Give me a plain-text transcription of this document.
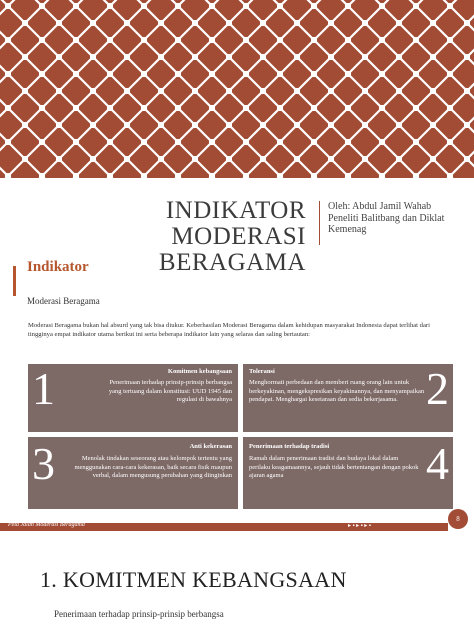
INDIKATOR MODERASI
BERAGAMA
Oleh: Abdul Jamil Wahab
Peneliti Balitbang dan Diklat
Kemenag
Indikator
Moderasi Beragama
Moderasi Beragama bukan hal absurd yang tak bisa diukur. Keberhasilan Moderasi Beragama dalam kehidupan masyarakat Indonesia dapat terlihat dari tingginya empat indikator utama berikut ini serta beberapa indikator lain yang selaras dan saling bertautan:
1	Komitmen kebangsaan
Penerimaan terhadap prinsip-prinsip berbangsa yang tertuang dalam konstitusi: UUD 1945 dan regulasi di bawahnya	2
Toleransi
Menghormati perbedaan dan memberi ruang orang lain untuk berkeyakinan, mengekspresikan keyakinannya, dan menyampaikan pendapat. Menghargai kesetaraan dan sedia bekerjasama.
3	Anti kekerasan
Menolak tindakan seseorang atau kelompok tertentu yang menggunakan cara-cara kekerasan, baik secara fisik maupun verbal, dalam mengusung perubahan yang diinginkan	4
Penerimaan terhadap tradisi
Ramah dalam penerimaan tradisi dan budaya lokal dalam perilaku keagamaannya, sejauh tidak bertentangan dengan pokok ajaran agama
Peta Jalan Moderasi Beragama	▸ ▪ ▸ ▪ ▸ ▪
8
1. KOMITMEN KEBANGSAAN
Penerimaan terhadap prinsip-prinsip berbangsa
